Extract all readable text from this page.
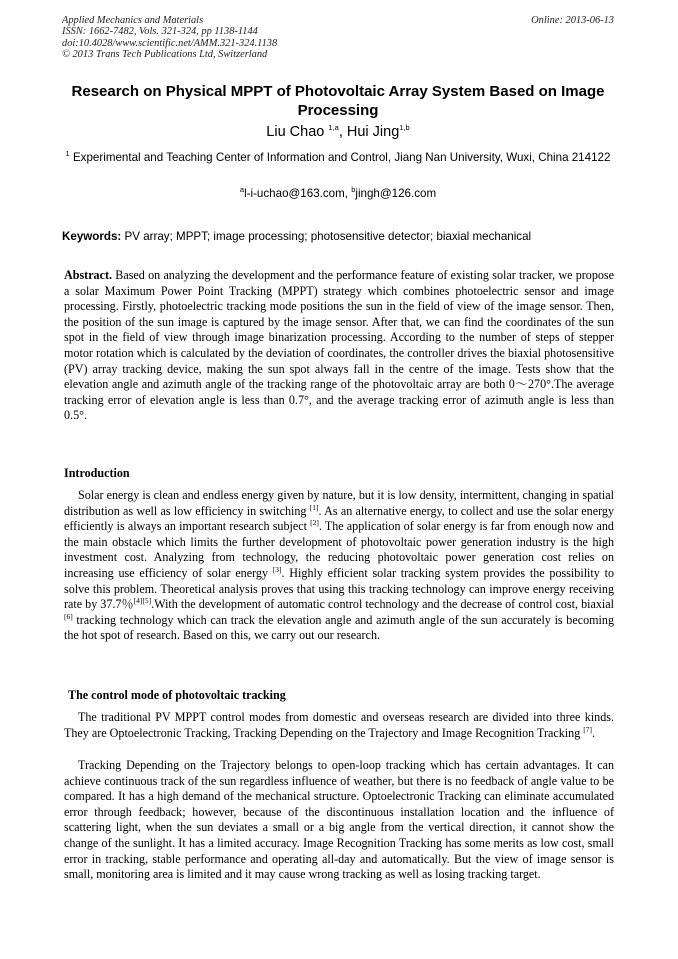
Applied Mechanics and Materials
ISSN: 1662-7482, Vols. 321-324, pp 1138-1144
doi:10.4028/www.scientific.net/AMM.321-324.1138
© 2013 Trans Tech Publications Ltd, Switzerland
Online: 2013-06-13
Research on Physical MPPT of Photovoltaic Array System Based on Image Processing
Liu Chao $^{1,a}$, Hui Jing$^{1,b}$
$^1$ Experimental and Teaching Center of Information and Control, Jiang Nan University, Wuxi, China 214122
$^a$l-i-uchao@163.com, $^b$jingh@126.com
Keywords: PV array; MPPT; image processing; photosensitive detector; biaxial mechanical
Abstract. Based on analyzing the development and the performance feature of existing solar tracker, we propose a solar Maximum Power Point Tracking (MPPT) strategy which combines photoelectric sensor and image processing. Firstly, photoelectric tracking mode positions the sun in the field of view of the image sensor. Then, the position of the sun image is captured by the image sensor. After that, we can find the coordinates of the sun spot in the field of view through image binarization processing. According to the number of steps of stepper motor rotation which is calculated by the deviation of coordinates, the controller drives the biaxial photosensitive (PV) array tracking device, making the sun spot always fall in the centre of the image. Tests show that the elevation angle and azimuth angle of the tracking range of the photovoltaic array are both 0～270°.The average tracking error of elevation angle is less than 0.7°, and the average tracking error of azimuth angle is less than 0.5°.
Introduction
Solar energy is clean and endless energy given by nature, but it is low density, intermittent, changing in spatial distribution as well as low efficiency in switching [1]. As an alternative energy, to collect and use the solar energy efficiently is always an important research subject [2]. The application of solar energy is far from enough now and the main obstacle which limits the further development of photovoltaic power generation industry is the high investment cost. Analyzing from technology, the reducing photovoltaic power generation cost relies on increasing use efficiency of solar energy [3]. Highly efficient solar tracking system provides the possibility to solve this problem. Theoretical analysis proves that using this tracking technology can improve energy receiving rate by 37.7％[4][5].With the development of automatic control technology and the decrease of control cost, biaxial [6] tracking technology which can track the elevation angle and azimuth angle of the sun accurately is becoming the hot spot of research. Based on this, we carry out our research.
The control mode of photovoltaic tracking
The traditional PV MPPT control modes from domestic and overseas research are divided into three kinds. They are Optoelectronic Tracking, Tracking Depending on the Trajectory and Image Recognition Tracking [7].
Tracking Depending on the Trajectory belongs to open-loop tracking which has certain advantages. It can achieve continuous track of the sun regardless influence of weather, but there is no feedback of angle value to be compared. It has a high demand of the mechanical structure. Optoelectronic Tracking can eliminate accumulated error through feedback; however, because of the discontinuous installation location and the influence of scattering light, when the sun deviates a small or a big angle from the vertical direction, it cannot show the change of the sunlight. It has a limited accuracy. Image Recognition Tracking has some merits as low cost, small error in tracking, stable performance and operating all-day and automatically. But the view of image sensor is small, monitoring area is limited and it may cause wrong tracking as well as losing tracking target.
